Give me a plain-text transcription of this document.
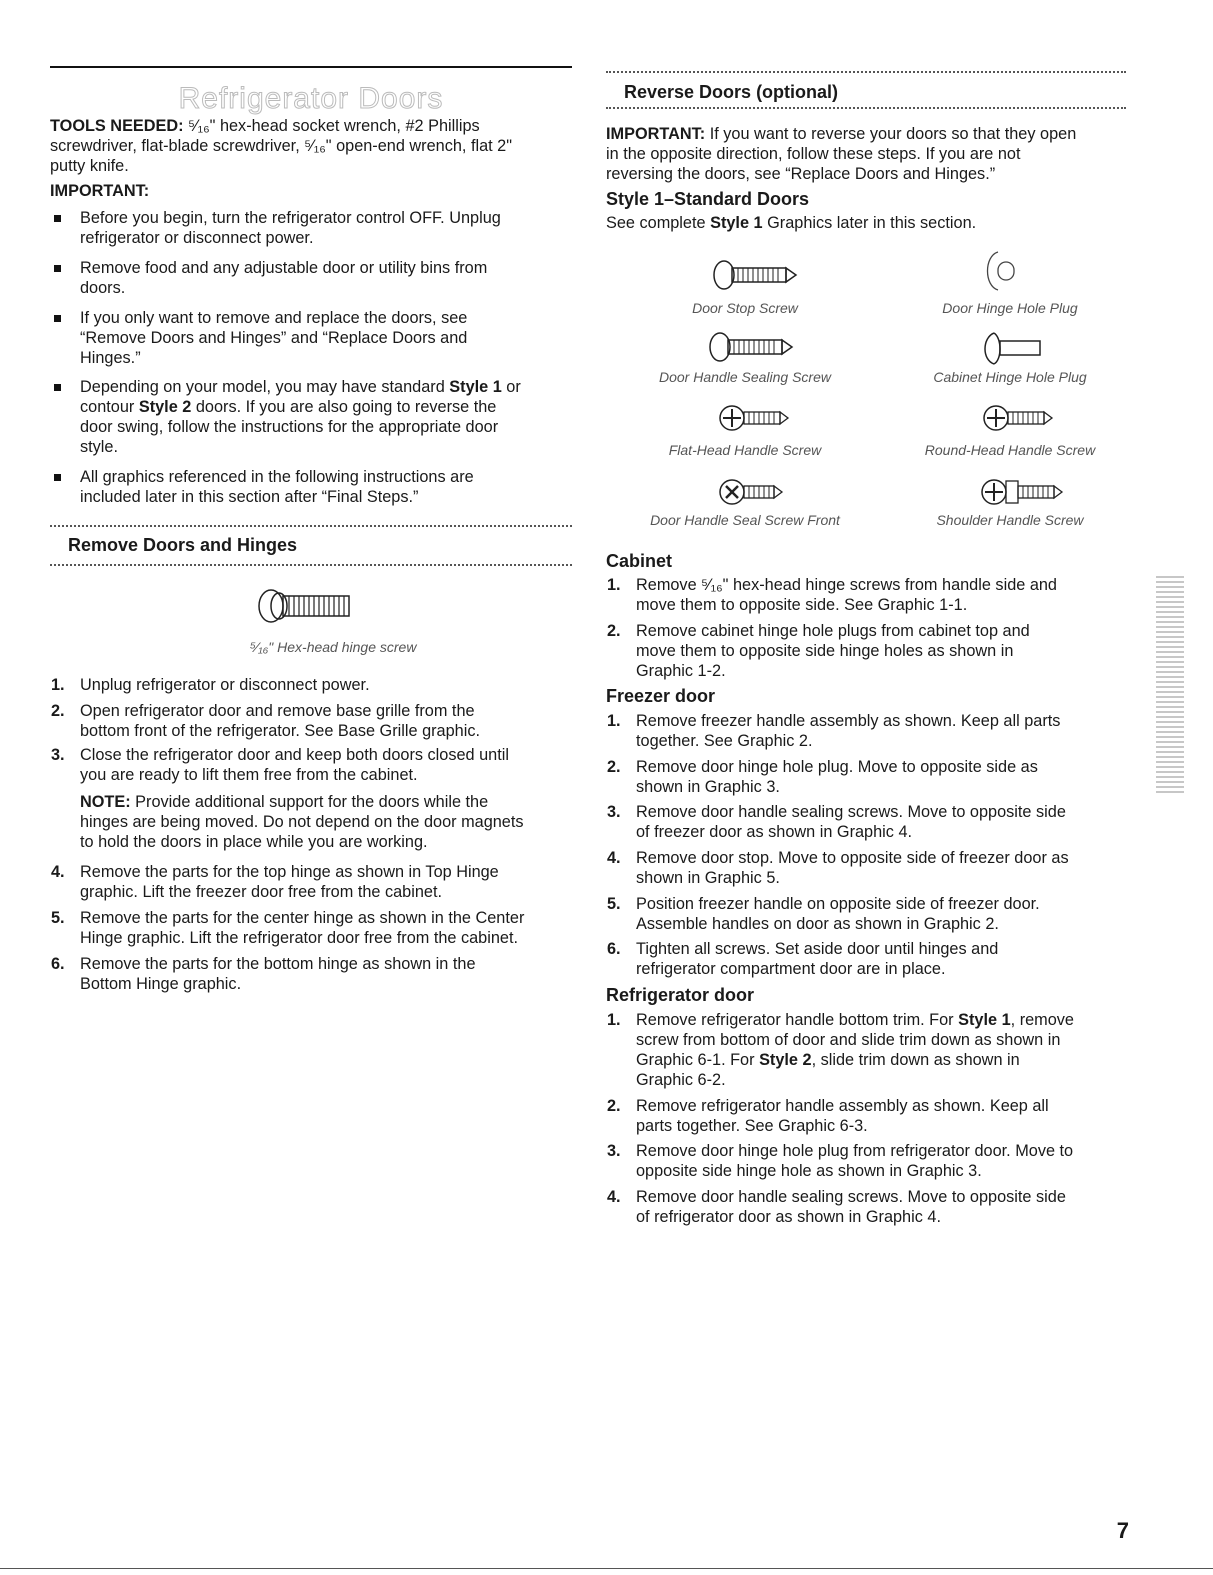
Refrigerator Doors
TOOLS NEEDED: ⁵⁄₁₆" hex-head socket wrench, #2 Phillips
screwdriver, flat-blade screwdriver, ⁵⁄₁₆" open-end wrench, flat 2"
putty knife.
IMPORTANT:
Before you begin, turn the refrigerator control OFF. Unplug
refrigerator or disconnect power.
Remove food and any adjustable door or utility bins from
doors.
If you only want to remove and replace the doors, see
“Remove Doors and Hinges” and “Replace Doors and
Hinges.”
Depending on your model, you may have standard Style 1 or
contour Style 2 doors. If you are also going to reverse the
door swing, follow the instructions for the appropriate door
style.
All graphics referenced in the following instructions are
included later in this section after “Final Steps.”
Remove Doors and Hinges
⁵⁄₁₆" Hex-head hinge screw
1. Unplug refrigerator or disconnect power.
2. Open refrigerator door and remove base grille from the
bottom front of the refrigerator. See Base Grille graphic.
3. Close the refrigerator door and keep both doors closed until
you are ready to lift them free from the cabinet.
NOTE: Provide additional support for the doors while the
hinges are being moved. Do not depend on the door magnets
to hold the doors in place while you are working.
4. Remove the parts for the top hinge as shown in Top Hinge
graphic. Lift the freezer door free from the cabinet.
5. Remove the parts for the center hinge as shown in the Center
Hinge graphic. Lift the refrigerator door free from the cabinet.
6. Remove the parts for the bottom hinge as shown in the
Bottom Hinge graphic.
Reverse Doors (optional)
IMPORTANT: If you want to reverse your doors so that they open
in the opposite direction, follow these steps. If you are not
reversing the doors, see “Replace Doors and Hinges.”
Style 1–Standard Doors
See complete Style 1 Graphics later in this section.
Door Stop Screw	Door Hinge Hole Plug
Door Handle Sealing Screw	Cabinet Hinge Hole Plug
Flat-Head Handle Screw	Round-Head Handle Screw
Door Handle Seal Screw Front	Shoulder Handle Screw
Cabinet
1. Remove ⁵⁄₁₆" hex-head hinge screws from handle side and
move them to opposite side. See Graphic 1-1.
2. Remove cabinet hinge hole plugs from cabinet top and
move them to opposite side hinge holes as shown in
Graphic 1-2.
Freezer door
1. Remove freezer handle assembly as shown. Keep all parts
together. See Graphic 2.
2. Remove door hinge hole plug. Move to opposite side as
shown in Graphic 3.
3. Remove door handle sealing screws. Move to opposite side
of freezer door as shown in Graphic 4.
4. Remove door stop. Move to opposite side of freezer door as
shown in Graphic 5.
5. Position freezer handle on opposite side of freezer door.
Assemble handles on door as shown in Graphic 2.
6. Tighten all screws. Set aside door until hinges and
refrigerator compartment door are in place.
Refrigerator door
1. Remove refrigerator handle bottom trim. For Style 1, remove
screw from bottom of door and slide trim down as shown in
Graphic 6-1. For Style 2, slide trim down as shown in
Graphic 6-2.
2. Remove refrigerator handle assembly as shown. Keep all
parts together. See Graphic 6-3.
3. Remove door hinge hole plug from refrigerator door. Move to
opposite side hinge hole as shown in Graphic 3.
4. Remove door handle sealing screws. Move to opposite side
of refrigerator door as shown in Graphic 4.
7
